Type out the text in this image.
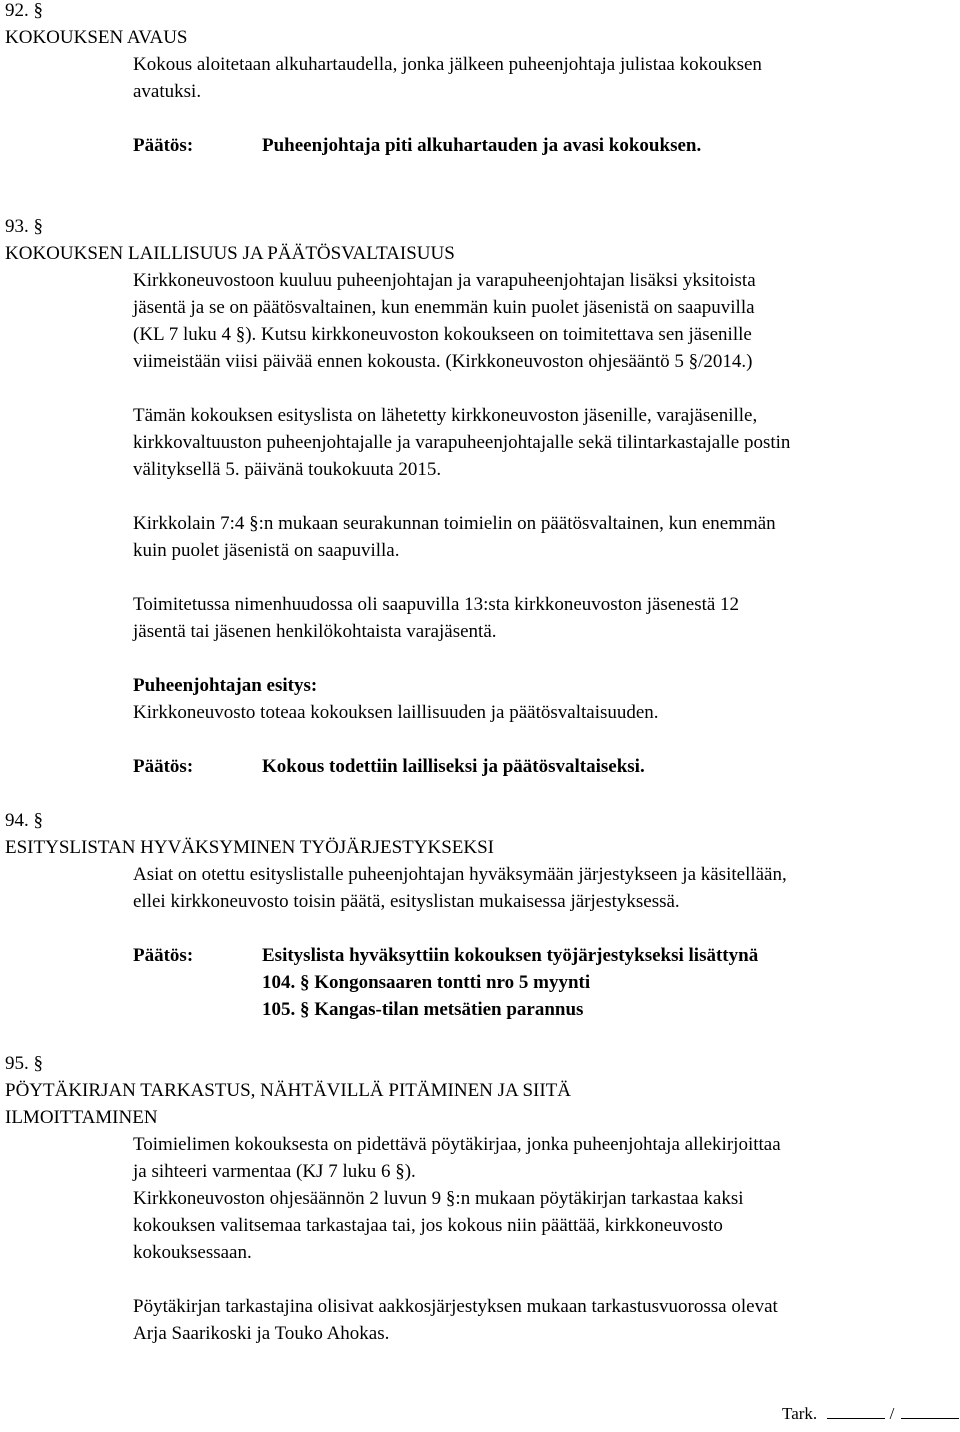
92. §
KOKOUKSEN AVAUS
Kokous aloitetaan alkuhartaudella, jonka jälkeen puheenjohtaja julistaa kokouksen
avatuksi.
Päätös:	Puheenjohtaja piti alkuhartauden ja avasi kokouksen.
93. §
KOKOUKSEN LAILLISUUS JA PÄÄTÖSVALTAISUUS
Kirkkoneuvostoon kuuluu puheenjohtajan ja varapuheenjohtajan lisäksi yksitoista
jäsentä ja se on päätösvaltainen, kun enemmän kuin puolet jäsenistä on saapuvilla
(KL 7 luku 4 §). Kutsu kirkkoneuvoston kokoukseen on toimitettava sen jäsenille
viimeistään viisi päivää ennen kokousta. (Kirkkoneuvoston ohjesääntö 5 §/2014.)
Tämän kokouksen esityslista on lähetetty kirkkoneuvoston jäsenille, varajäsenille,
kirkkovaltuuston puheenjohtajalle ja varapuheenjohtajalle sekä tilintarkastajalle postin
välityksellä 5. päivänä toukokuuta 2015.
Kirkkolain 7:4 §:n mukaan seurakunnan toimielin on päätösvaltainen, kun enemmän
kuin puolet jäsenistä on saapuvilla.
Toimitetussa nimenhuudossa oli saapuvilla 13:sta kirkkoneuvoston jäsenestä 12
jäsentä tai jäsenen henkilökohtaista varajäsentä.
Puheenjohtajan esitys:
Kirkkoneuvosto toteaa kokouksen laillisuuden ja päätösvaltaisuuden.
Päätös:	Kokous todettiin lailliseksi ja päätösvaltaiseksi.
94. §
ESITYSLISTAN HYVÄKSYMINEN TYÖJÄRJESTYKSEKSI
Asiat on otettu esityslistalle puheenjohtajan hyväksymään järjestykseen ja käsitellään,
ellei kirkkoneuvosto toisin päätä, esityslistan mukaisessa järjestyksessä.
Päätös:	Esityslista hyväksyttiin kokouksen työjärjestykseksi lisättynä
104. § Kongonsaaren tontti nro 5 myynti
105. § Kangas-tilan metsätien parannus
95. §
PÖYTÄKIRJAN TARKASTUS, NÄHTÄVILLÄ PITÄMINEN JA SIITÄ
ILMOITTAMINEN
Toimielimen kokouksesta on pidettävä pöytäkirjaa, jonka puheenjohtaja allekirjoittaa
ja sihteeri varmentaa (KJ 7 luku 6 §).
Kirkkoneuvoston ohjesäännön 2 luvun 9 §:n mukaan pöytäkirjan tarkastaa kaksi
kokouksen valitsemaa tarkastajaa tai, jos kokous niin päättää, kirkkoneuvosto
kokouksessaan.
Pöytäkirjan tarkastajina olisivat aakkosjärjestyksen mukaan tarkastusvuorossa olevat
Arja Saarikoski ja Touko Ahokas.
Tark.	/
